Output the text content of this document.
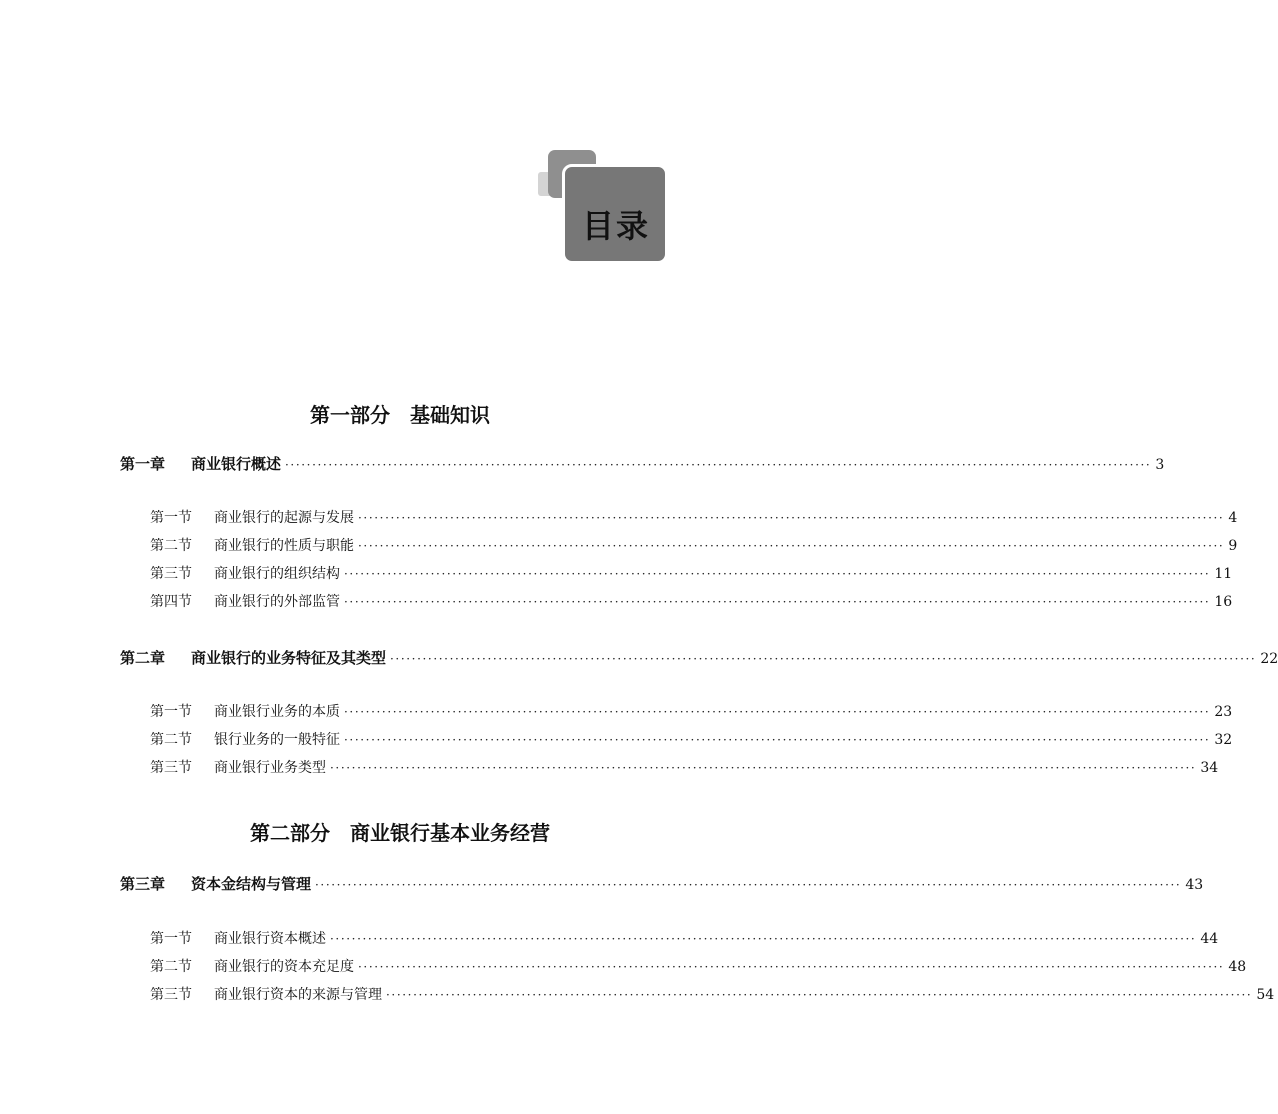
目录
第一部分 基础知识
第一章 商业银行概述 ································································································································································ 3
第一节 商业银行的起源与发展 ································································································································································ 4
第二节 商业银行的性质与职能 ································································································································································ 9
第三节 商业银行的组织结构 ································································································································································ 11
第四节 商业银行的外部监管 ································································································································································ 16
第二章 商业银行的业务特征及其类型 ································································································································································ 22
第一节 商业银行业务的本质 ································································································································································ 23
第二节 银行业务的一般特征 ································································································································································ 32
第三节 商业银行业务类型 ································································································································································ 34
第二部分 商业银行基本业务经营
第三章 资本金结构与管理 ································································································································································ 43
第一节 商业银行资本概述 ································································································································································ 44
第二节 商业银行的资本充足度 ································································································································································ 48
第三节 商业银行资本的来源与管理 ································································································································································ 54
